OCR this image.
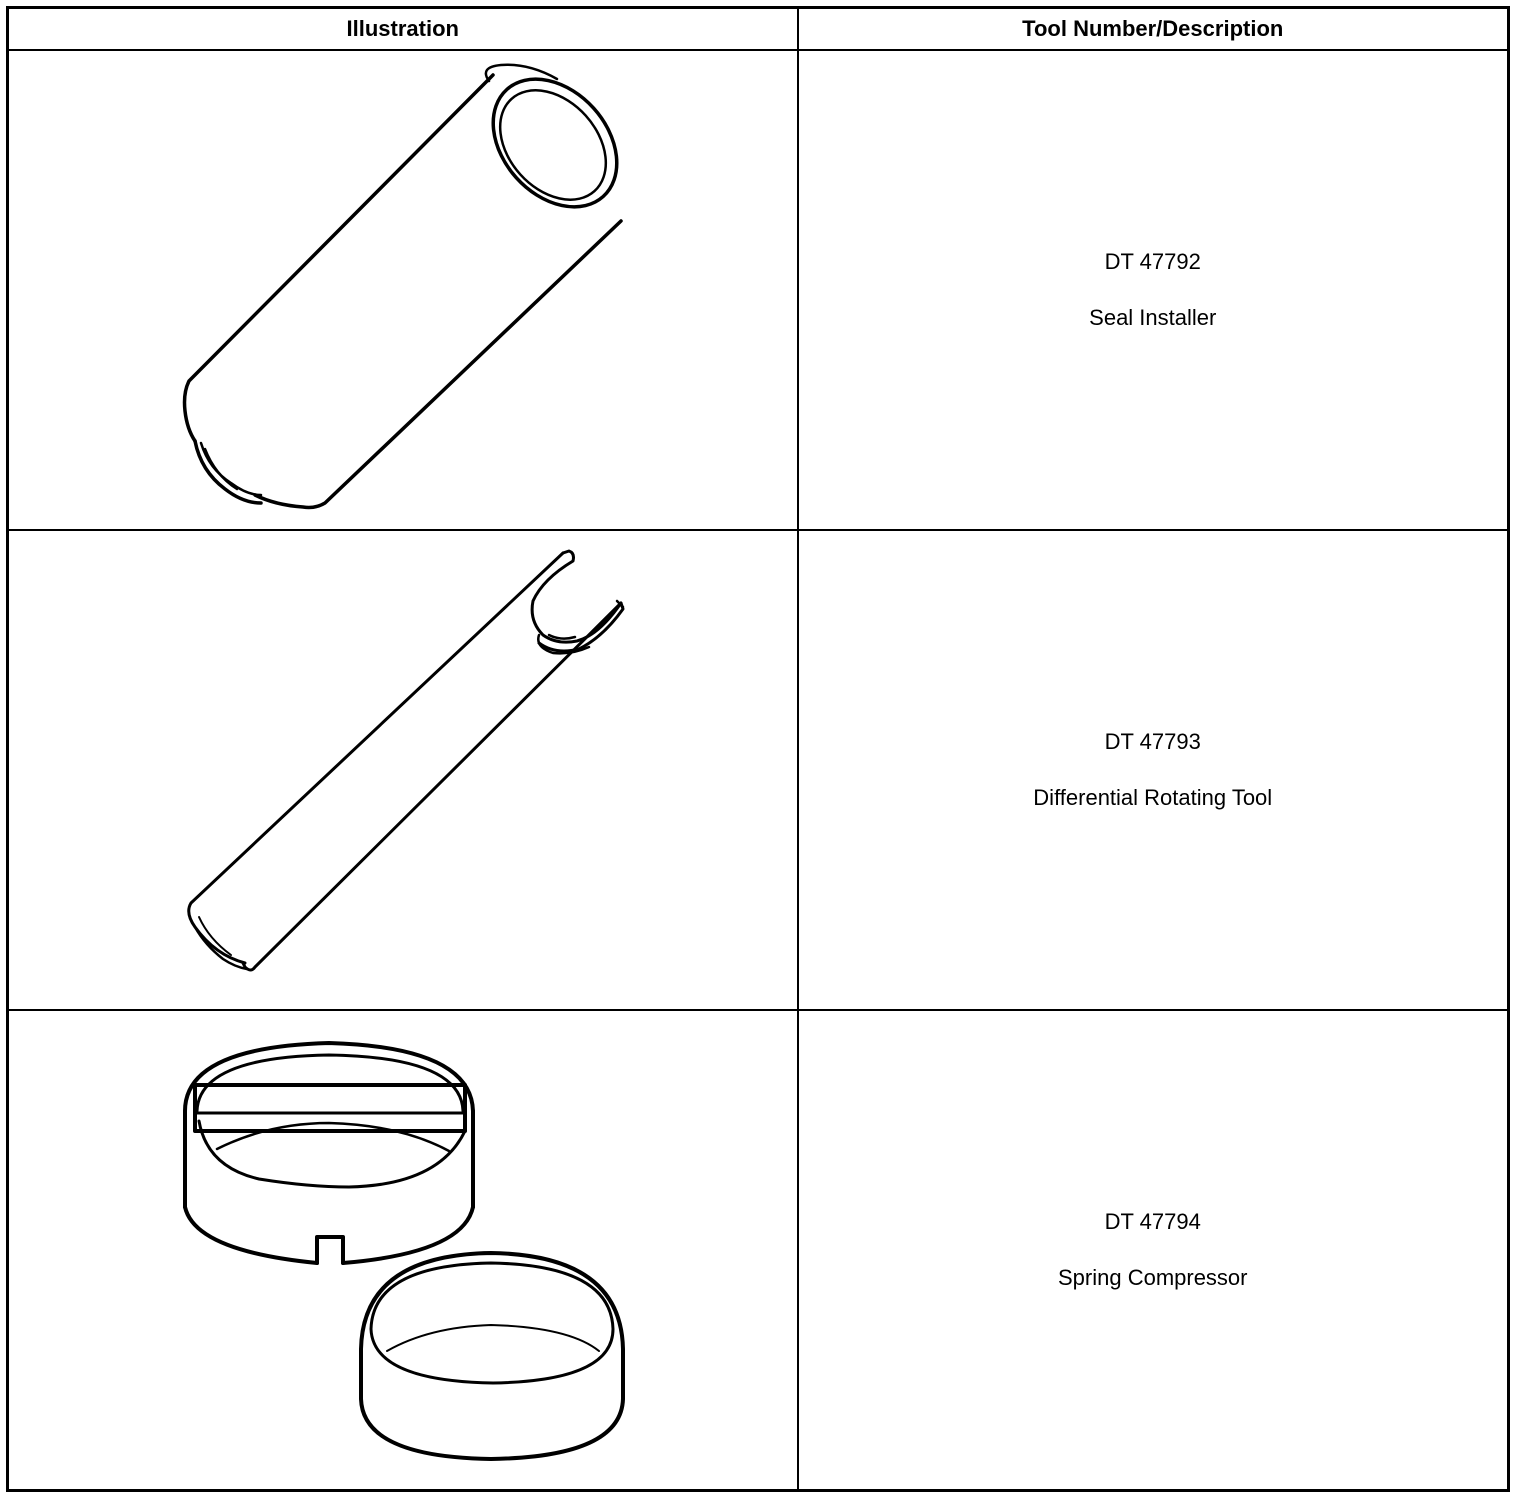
Illustration	Tool Number/Description

DT 47792
Seal Installer

DT 47793
Differential Rotating Tool

DT 47794
Spring Compressor
